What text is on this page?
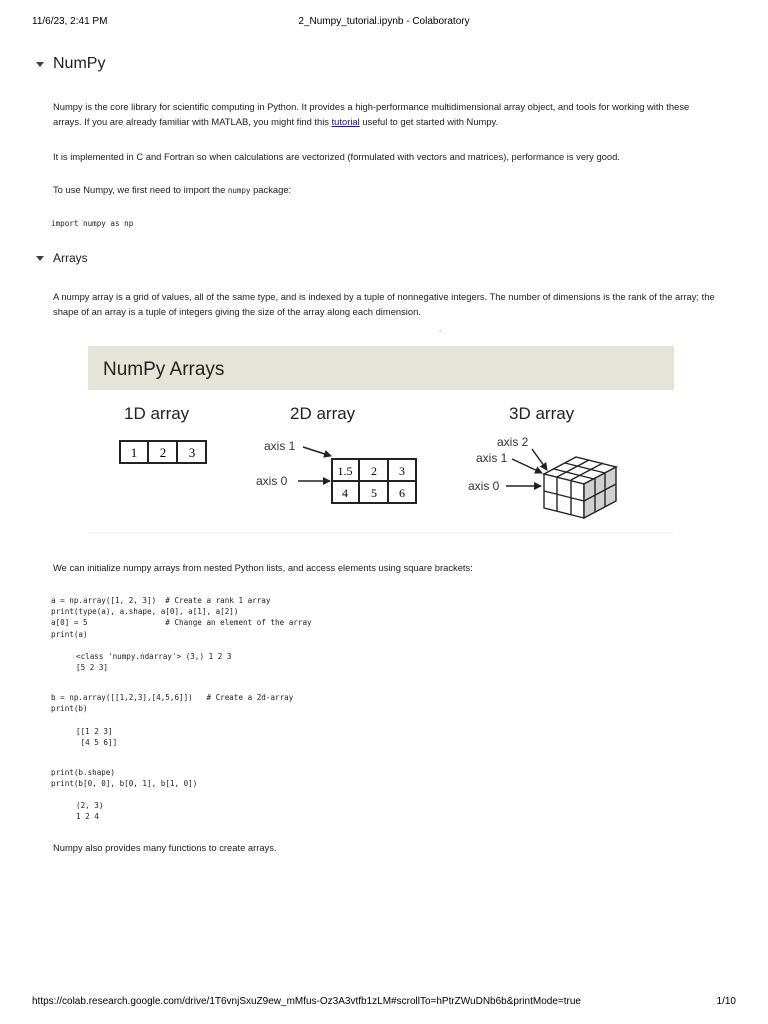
11/6/23, 2:41 PM	2_Numpy_tutorial.ipynb - Colaboratory
NumPy

Numpy is the core library for scientific computing in Python. It provides a high-performance multidimensional array object, and tools for working with these arrays. If you are already familiar with MATLAB, you might find this tutorial useful to get started with Numpy.

It is implemented in C and Fortran so when calculations are vectorized (formulated with vectors and matrices), performance is very good.

To use Numpy, we first need to import the numpy package:

import numpy as np
Arrays

A numpy array is a grid of values, all of the same type, and is indexed by a tuple of nonnegative integers. The number of dimensions is the rank of the array; the shape of an array is a tuple of integers giving the size of the array along each dimension.

.
NumPy Arrays
1D array
1 2 3
2D array
1.5 2 3
4 5 6
axis 1
axis 0
3D array
axis 2
axis 1
axis 0

We can initialize numpy arrays from nested Python lists, and access elements using square brackets:

a = np.array([1, 2, 3])  # Create a rank 1 array
print(type(a), a.shape, a[0], a[1], a[2])
a[0] = 5                 # Change an element of the array
print(a)
<class 'numpy.ndarray'> (3,) 1 2 3
[5 2 3]
b = np.array([[1,2,3],[4,5,6]])   # Create a 2d-array
print(b)
[[1 2 3]
[4 5 6]]
print(b.shape)
print(b[0, 0], b[0, 1], b[1, 0])
(2, 3)
1 2 4

Numpy also provides many functions to create arrays.

https://colab.research.google.com/drive/1T6vnjSxuZ9ew_mMfus-Oz3A3vtfb1zLM#scrollTo=hPtrZWuDNb6b&printMode=true	1/10
